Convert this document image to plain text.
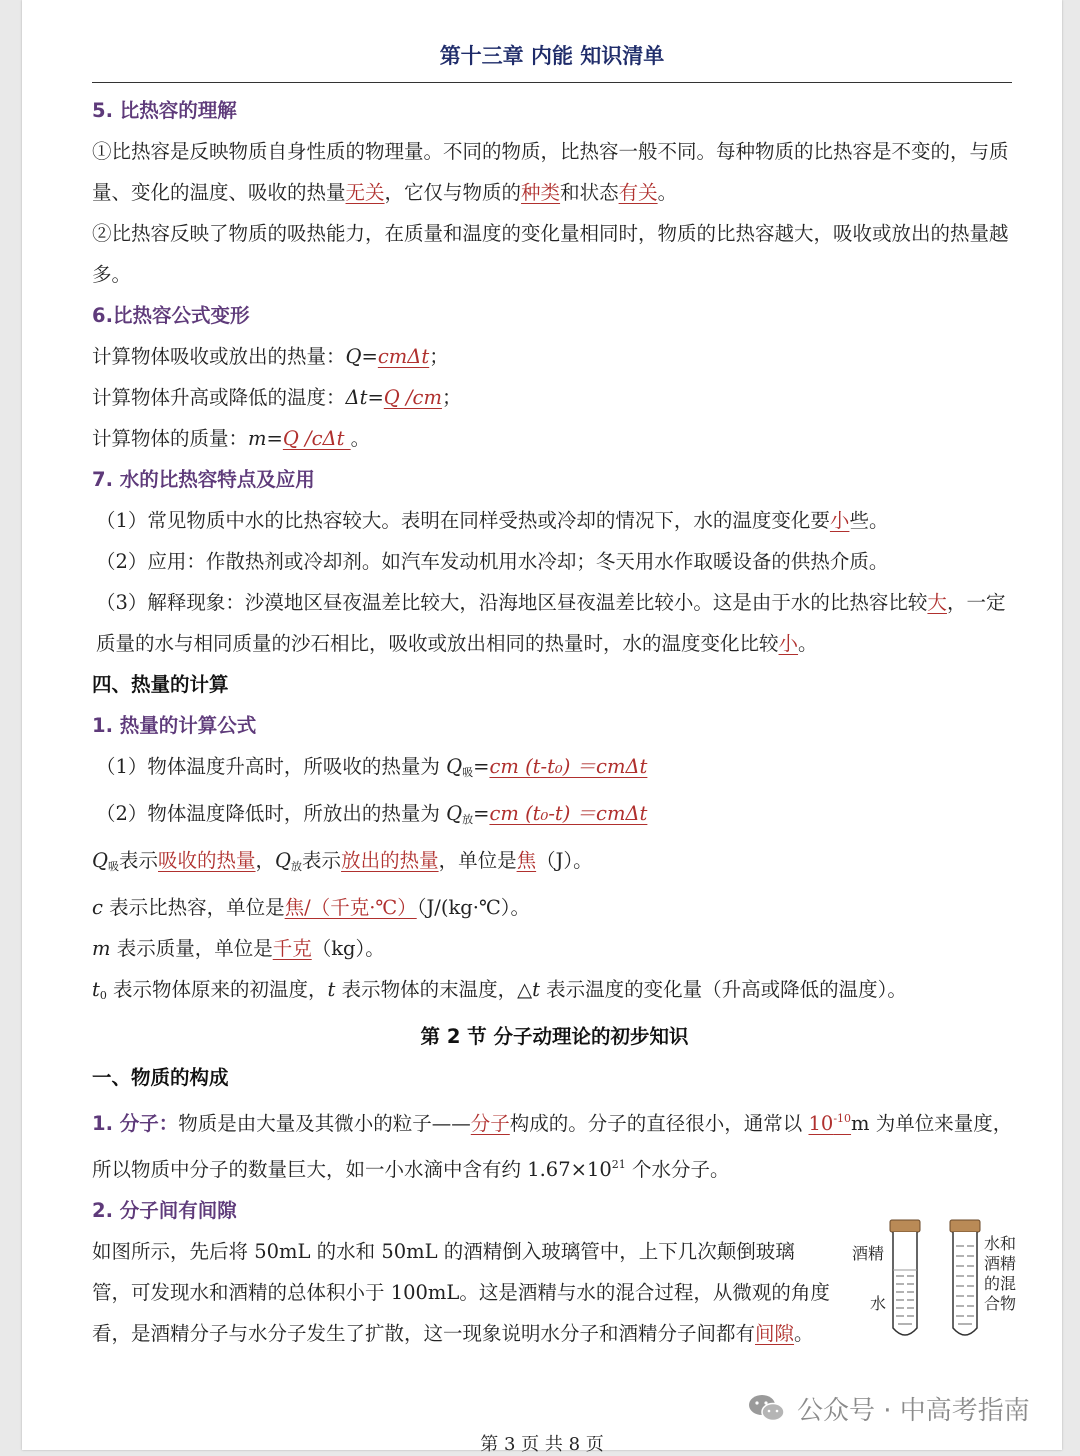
第十三章 内能 知识清单

5. 比热容的理解

①比热容是反映物质自身性质的物理量。不同的物质，比热容一般不同。每种物质的比热容是不变的，与质量、变化的温度、吸收的热量无关，它仅与物质的种类和状态有关。

②比热容反映了物质的吸热能力，在质量和温度的变化量相同时，物质的比热容越大，吸收或放出的热量越多。

6.比热容公式变形

计算物体吸收或放出的热量：Q=cmΔt；

计算物体升高或降低的温度：Δt=Q /cm；

计算物体的质量：m=Q /cΔt 。

7. 水的比热容特点及应用

（1）常见物质中水的比热容较大。表明在同样受热或冷却的情况下，水的温度变化要小些。

（2）应用：作散热剂或冷却剂。如汽车发动机用水冷却；冬天用水作取暖设备的供热介质。

（3）解释现象：沙漠地区昼夜温差比较大，沿海地区昼夜温差比较小。这是由于水的比热容比较大，一定质量的水与相同质量的沙石相比，吸收或放出相同的热量时，水的温度变化比较小。

四、热量的计算

1. 热量的计算公式

（1）物体温度升高时，所吸收的热量为 $Q_吸=cm$ (t-t₀) ＝cmΔt

（2）物体温度降低时，所放出的热量为 $Q_放=cm$ (t₀-t) ＝cmΔt

$Q_吸$表示吸收的热量，$Q_放$表示放出的热量，单位是焦（J）。

c 表示比热容，单位是焦/（千克·℃）（J/(kg·℃）。

m 表示质量，单位是千克（kg）。

$t_0$ 表示物体原来的初温度，t 表示物体的末温度，△t 表示温度的变化量（升高或降低的温度）。

第 2 节 分子动理论的初步知识

一、物质的构成

1. 分子：物质是由大量及其微小的粒子——分子构成的。分子的直径很小，通常以 $10^{-10}m$ 为单位来量度，所以物质中分子的数量巨大，如一小水滴中含有约 $1.67\times 10^{21}$ 个水分子。

2. 分子间有间隙

如图所示，先后将 50mL 的水和 50mL 的酒精倒入玻璃管中，上下几次颠倒玻璃管，可发现水和酒精的总体积小于 100mL。这是酒精与水的混合过程，从微观的角度看，是酒精分子与水分子发生了扩散，这一现象说明水分子和酒精分子间都有间隙。

酒精
水
水和
酒精
的混
合物
公众号 · 中高考指南
第 3 页 共 8 页
